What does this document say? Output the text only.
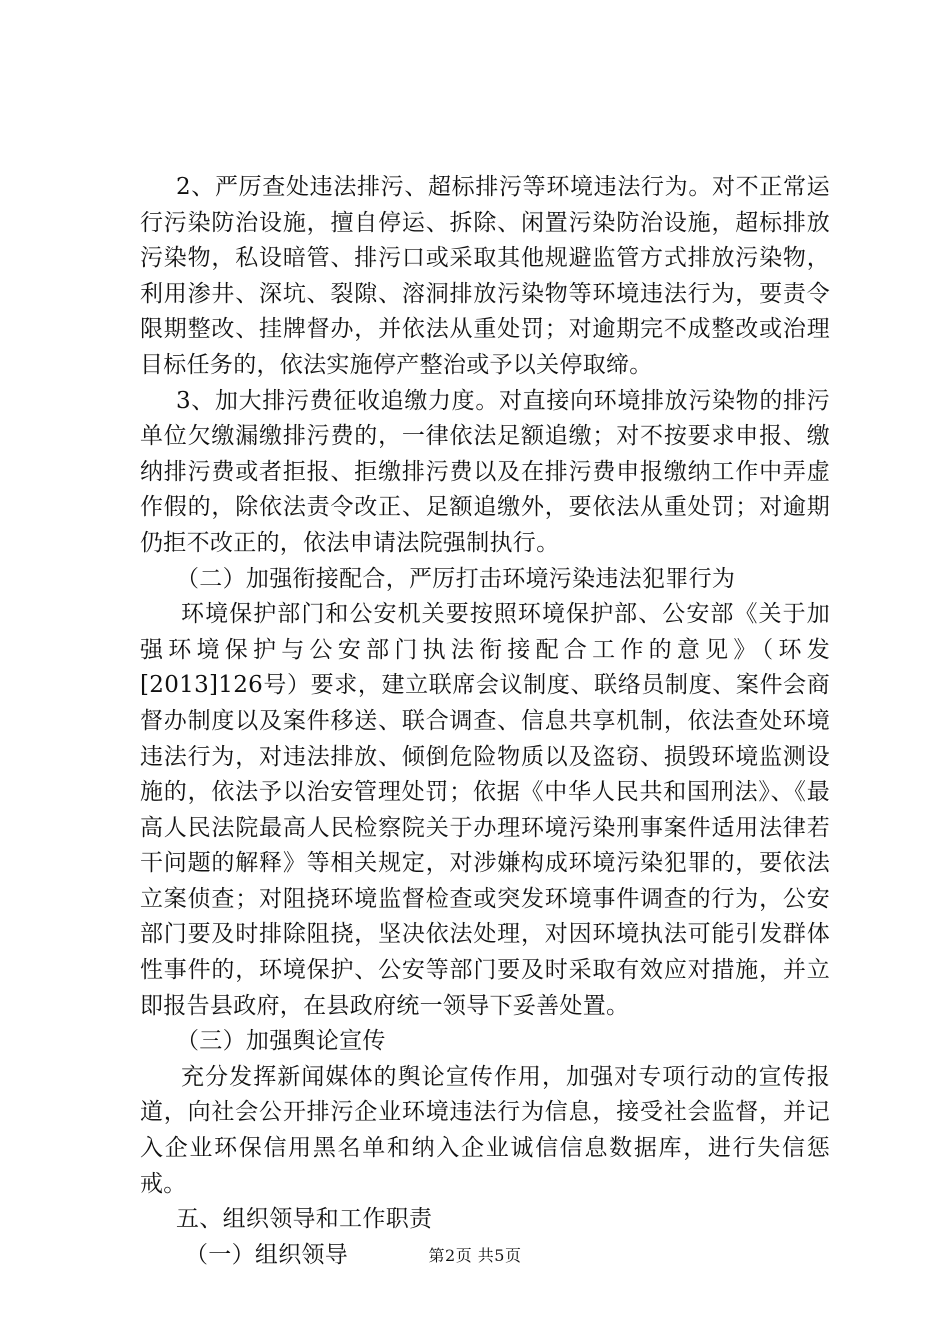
2、严厉查处违法排污、超标排污等环境违法行为。对不正常运行污染防治设施，擅自停运、拆除、闲置污染防治设施，超标排放污染物，私设暗管、排污口或采取其他规避监管方式排放污染物，利用渗井、深坑、裂隙、溶洞排放污染物等环境违法行为，要责令限期整改、挂牌督办，并依法从重处罚；对逾期完不成整改或治理目标任务的，依法实施停产整治或予以关停取缔。

3、加大排污费征收追缴力度。对直接向环境排放污染物的排污单位欠缴漏缴排污费的，一律依法足额追缴；对不按要求申报、缴纳排污费或者拒报、拒缴排污费以及在排污费申报缴纳工作中弄虚作假的，除依法责令改正、足额追缴外，要依法从重处罚；对逾期仍拒不改正的，依法申请法院强制执行。

（二）加强衔接配合，严厉打击环境污染违法犯罪行为

环境保护部门和公安机关要按照环境保护部、公安部《关于加强环境保护与公安部门执法衔接配合工作的意见》（环发[2013]126号）要求，建立联席会议制度、联络员制度、案件会商督办制度以及案件移送、联合调查、信息共享机制，依法查处环境违法行为，对违法排放、倾倒危险物质以及盗窃、损毁环境监测设施的，依法予以治安管理处罚；依据《中华人民共和国刑法》、《最高人民法院最高人民检察院关于办理环境污染刑事案件适用法律若干问题的解释》等相关规定，对涉嫌构成环境污染犯罪的，要依法立案侦查；对阻挠环境监督检查或突发环境事件调查的行为，公安部门要及时排除阻挠，坚决依法处理，对因环境执法可能引发群体性事件的，环境保护、公安等部门要及时采取有效应对措施，并立即报告县政府，在县政府统一领导下妥善处置。

（三）加强舆论宣传

充分发挥新闻媒体的舆论宣传作用，加强对专项行动的宣传报道，向社会公开排污企业环境违法行为信息，接受社会监督，并记入企业环保信用黑名单和纳入企业诚信信息数据库，进行失信惩戒。

五、组织领导和工作职责

（一）组织领导	第2页 共5页
